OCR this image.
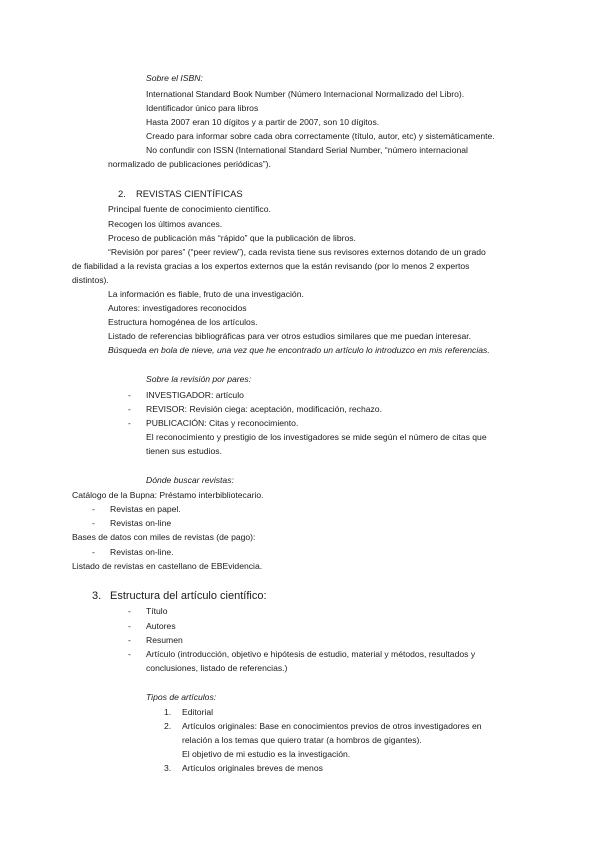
Sobre el ISBN:
International Standard Book Number (Número Internacional Normalizado del Libro).
Identificador único para libros
Hasta 2007 eran 10 dígitos y a partir de 2007, son 10 dígitos.
Creado para informar sobre cada obra correctamente (título, autor, etc) y sistemáticamente.
No confundir con ISSN (International Standard Serial Number, “número internacional
normalizado de publicaciones periódicas”).
2. REVISTAS CIENTÍFICAS
Principal fuente de conocimiento científico.
Recogen los últimos avances.
Proceso de publicación más “rápido” que la publicación de libros.
“Revisión por pares” (“peer review”), cada revista tiene sus revisores externos dotando de un grado
de fiabilidad a la revista gracias a los expertos externos que la están revisando (por lo menos 2 expertos
distintos).
La información es fiable, fruto de una investigación.
Autores: investigadores reconocidos
Estructura homogénea de los artículos.
Listado de referencias bibliográficas para ver otros estudios similares que me puedan interesar.
Búsqueda en bola de nieve, una vez que he encontrado un artículo lo introduzco en mis referencias.
Sobre la revisión por pares:
- INVESTIGADOR: artículo
- REVISOR: Revisión ciega: aceptación, modificación, rechazo.
- PUBLICACIÓN: Citas y reconocimiento.
El reconocimiento y prestigio de los investigadores se mide según el número de citas que
tienen sus estudios.
Dónde buscar revistas:
Catálogo de la Bupna: Préstamo interbibliotecario.
- Revistas en papel.
- Revistas on-line
Bases de datos con miles de revistas (de pago):
- Revistas on-line.
Listado de revistas en castellano de EBEvidencia.
3. Estructura del artículo científico:
- Título
- Autores
- Resumen
- Artículo (introducción, objetivo e hipótesis de estudio, material y métodos, resultados y
conclusiones, listado de referencias.)
Tipos de artículos:
1. Editorial
2. Artículos originales: Base en conocimientos previos de otros investigadores en
relación a los temas que quiero tratar (a hombros de gigantes).
El objetivo de mi estudio es la investigación.
3. Artículos originales breves de menos
